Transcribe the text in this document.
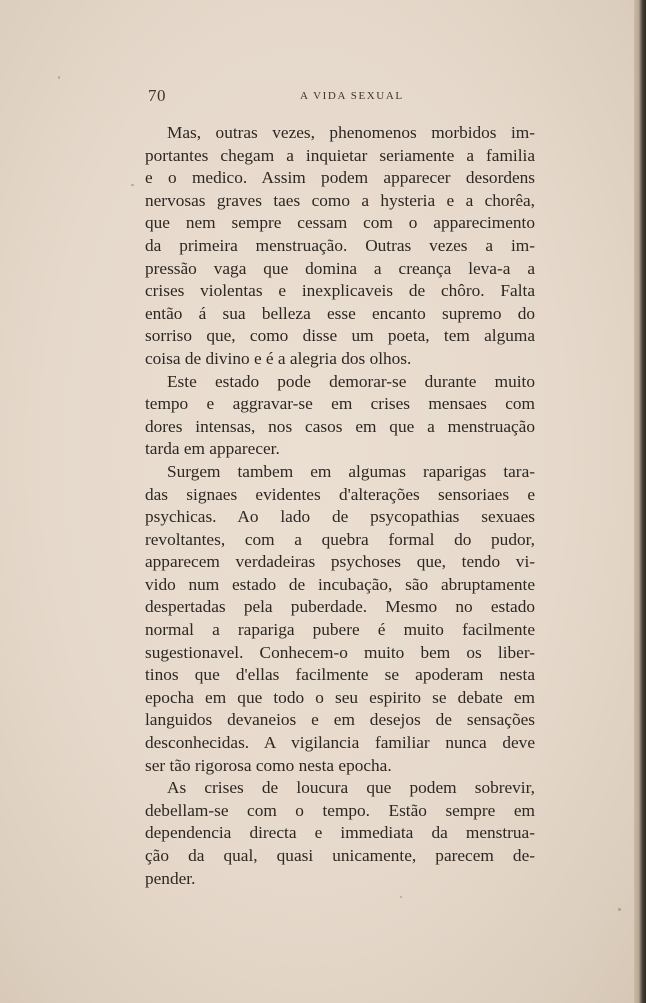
70	A VIDA SEXUAL
Mas, outras vezes, phenomenos morbidos im-
portantes chegam a inquietar seriamente a familia
e o medico. Assim podem apparecer desordens
nervosas graves taes como a hysteria e a chorêa,
que nem sempre cessam com o apparecimento
da primeira menstruação. Outras vezes a im-
pressão vaga que domina a creança leva-a a
crises violentas e inexplicaveis de chôro. Falta
então á sua belleza esse encanto supremo do
sorriso que, como disse um poeta, tem alguma
coisa de divino e é a alegria dos olhos.
Este estado pode demorar-se durante muito
tempo e aggravar-se em crises mensaes com
dores intensas, nos casos em que a menstruação
tarda em apparecer.
Surgem tambem em algumas raparigas tara-
das signaes evidentes d'alterações sensoriaes e
psychicas. Ao lado de psycopathias sexuaes
revoltantes, com a quebra formal do pudor,
apparecem verdadeiras psychoses que, tendo vi-
vido num estado de incubação, são abruptamente
despertadas pela puberdade. Mesmo no estado
normal a rapariga pubere é muito facilmente
sugestionavel. Conhecem-o muito bem os liber-
tinos que d'ellas facilmente se apoderam nesta
epocha em que todo o seu espirito se debate em
languidos devaneios e em desejos de sensações
desconhecidas. A vigilancia familiar nunca deve
ser tão rigorosa como nesta epocha.
As crises de loucura que podem sobrevir,
debellam-se com o tempo. Estão sempre em
dependencia directa e immediata da menstrua-
ção da qual, quasi unicamente, parecem de-
pender.
